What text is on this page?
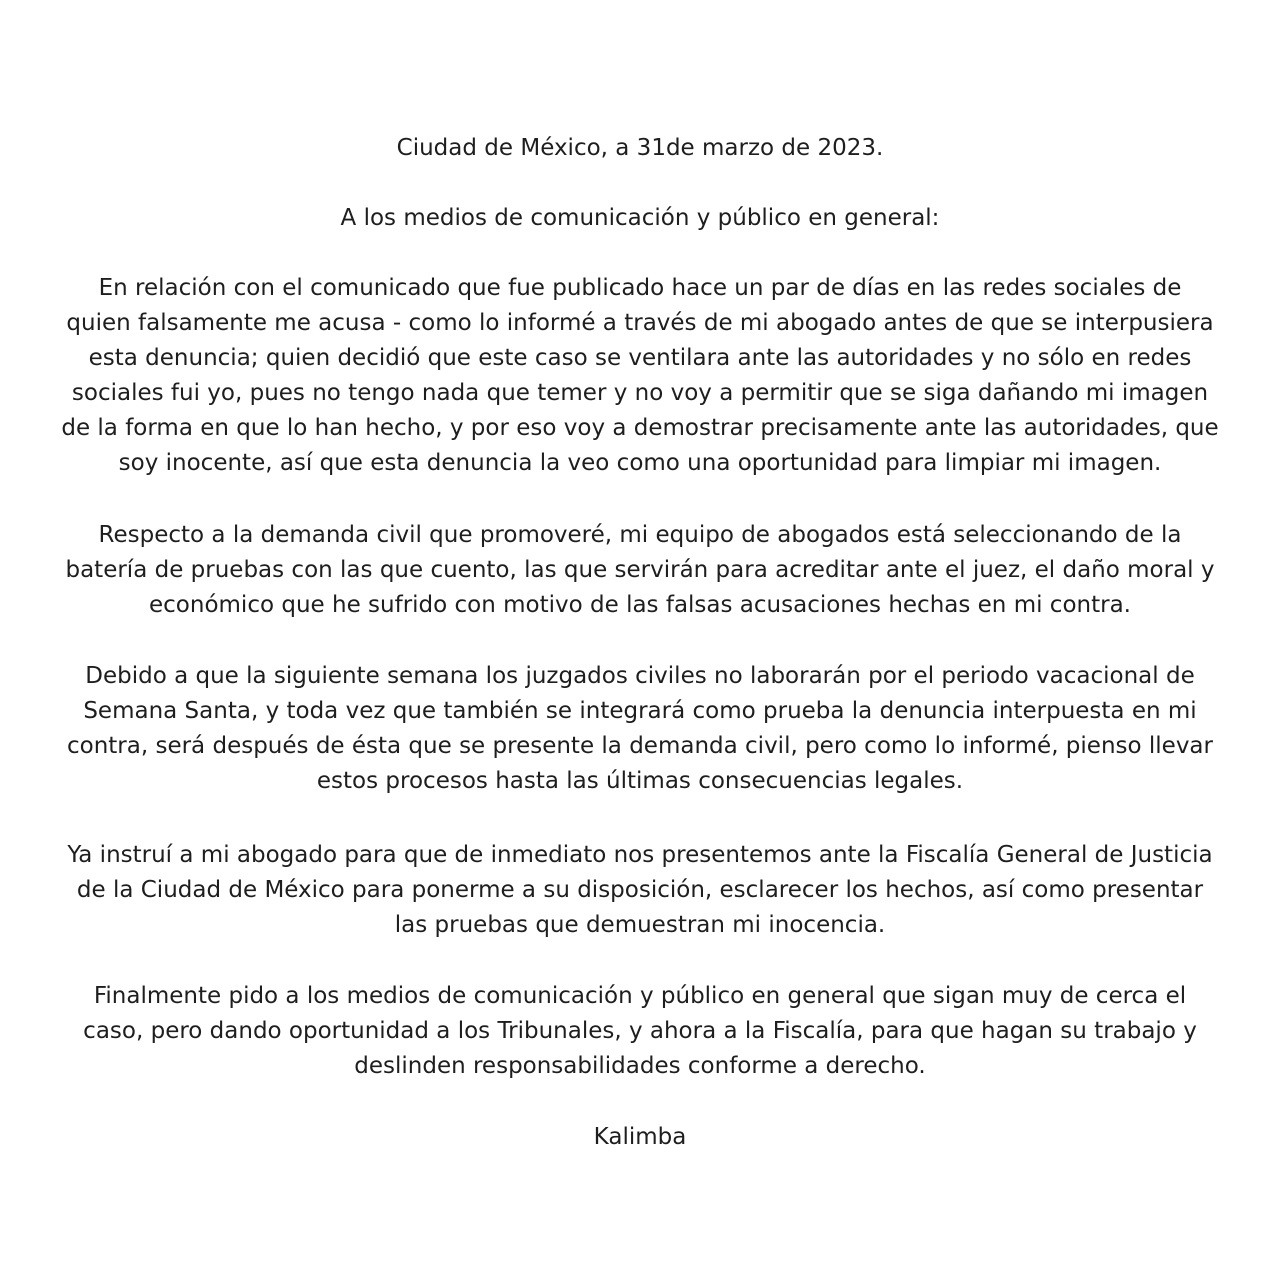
Ciudad de México, a 31de marzo de 2023.

A los medios de comunicación y público en general:

En relación con el comunicado que fue publicado hace un par de días en las redes sociales de
quien falsamente me acusa - como lo informé a través de mi abogado antes de que se interpusiera
esta denuncia; quien decidió que este caso se ventilara ante las autoridades y no sólo en redes
sociales fui yo, pues no tengo nada que temer y no voy a permitir que se siga dañando mi imagen
de la forma en que lo han hecho, y por eso voy a demostrar precisamente ante las autoridades, que
soy inocente, así que esta denuncia la veo como una oportunidad para limpiar mi imagen.

Respecto a la demanda civil que promoveré, mi equipo de abogados está seleccionando de la
batería de pruebas con las que cuento, las que servirán para acreditar ante el juez, el daño moral y
económico que he sufrido con motivo de las falsas acusaciones hechas en mi contra.

Debido a que la siguiente semana los juzgados civiles no laborarán por el periodo vacacional de
Semana Santa, y toda vez que también se integrará como prueba la denuncia interpuesta en mi
contra, será después de ésta que se presente la demanda civil, pero como lo informé, pienso llevar
estos procesos hasta las últimas consecuencias legales.

Ya instruí a mi abogado para que de inmediato nos presentemos ante la Fiscalía General de Justicia
de la Ciudad de México para ponerme a su disposición, esclarecer los hechos, así como presentar
las pruebas que demuestran mi inocencia.

Finalmente pido a los medios de comunicación y público en general que sigan muy de cerca el
caso, pero dando oportunidad a los Tribunales, y ahora a la Fiscalía, para que hagan su trabajo y
deslinden responsabilidades conforme a derecho.

Kalimba
